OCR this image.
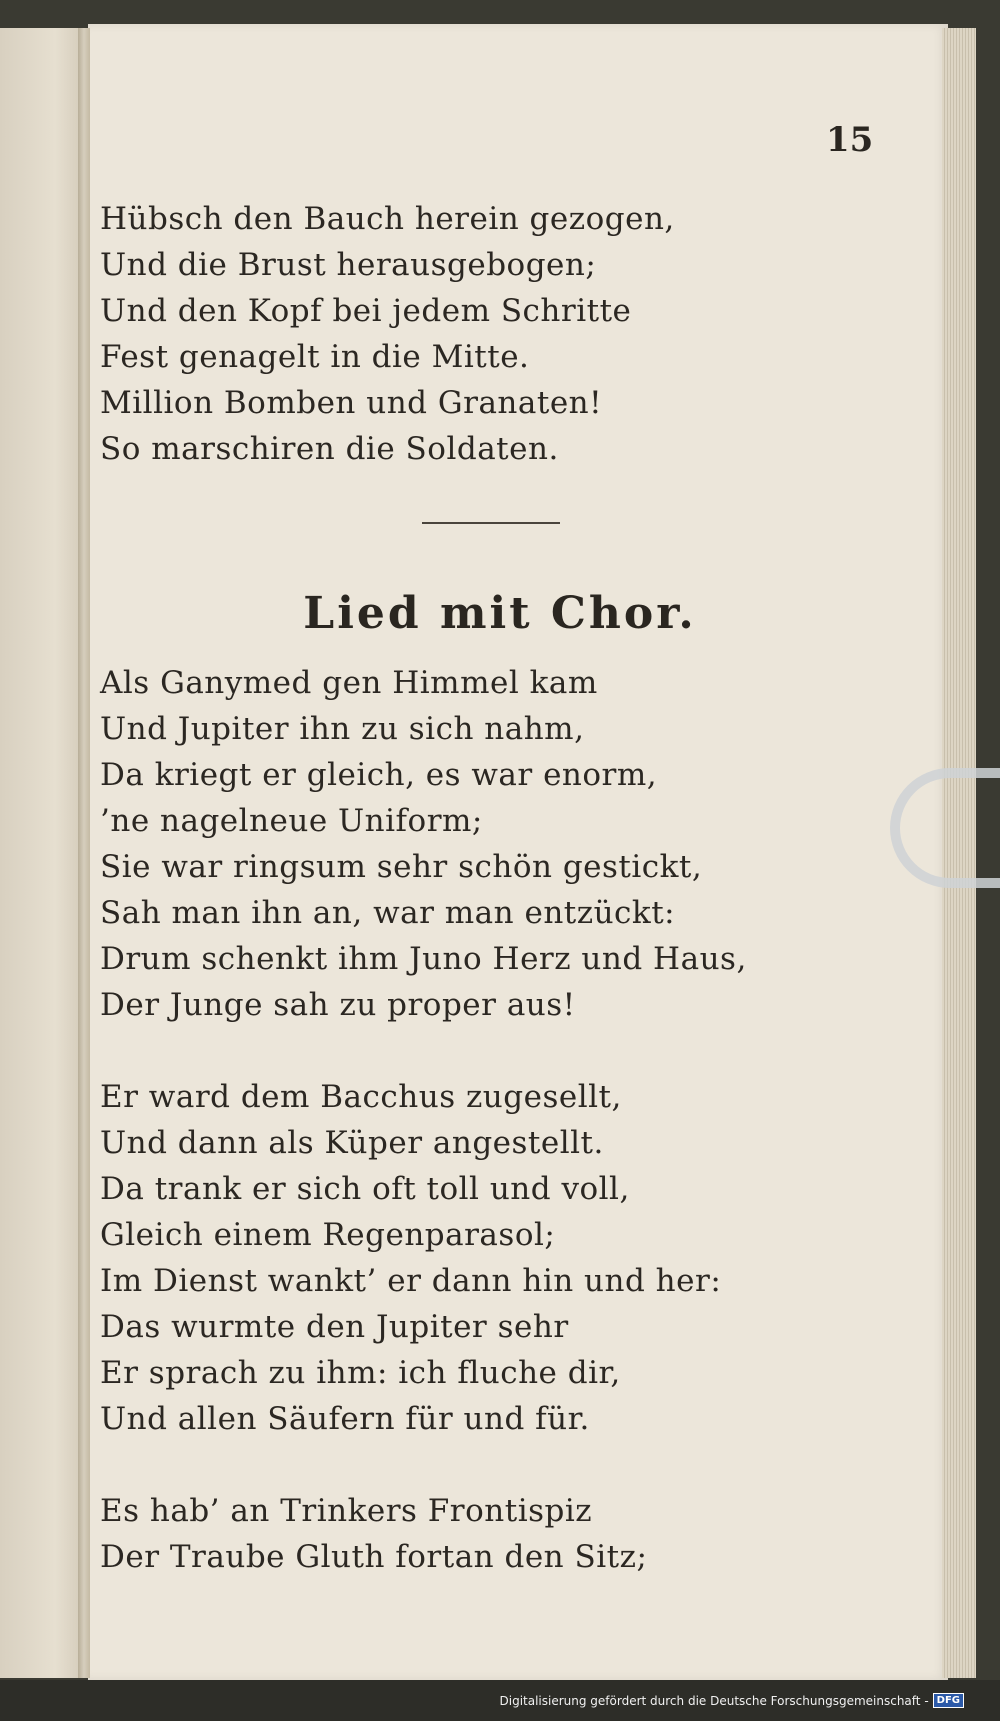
15
Hübsch den Bauch herein gezogen,
Und die Brust herausgebogen;
Und den Kopf bei jedem Schritte
Fest genagelt in die Mitte.
Million Bomben und Granaten!
So marschiren die Soldaten.
Lied mit Chor.
Als Ganymed gen Himmel kam
Und Jupiter ihn zu sich nahm,
Da kriegt er gleich, es war enorm,
’ne nagelneue Uniform;
Sie war ringsum sehr schön gestickt,
Sah man ihn an, war man entzückt:
Drum schenkt ihm Juno Herz und Haus,
Der Junge sah zu proper aus!
Er ward dem Bacchus zugesellt,
Und dann als Küper angestellt.
Da trank er sich oft toll und voll,
Gleich einem Regenparasol;
Im Dienst wankt’ er dann hin und her:
Das wurmte den Jupiter sehr
Er sprach zu ihm: ich fluche dir,
Und allen Säufern für und für.
Es hab’ an Trinkers Frontispiz
Der Traube Gluth fortan den Sitz;
Digitalisierung gefördert durch die Deutsche Forschungsgemeinschaft - DFG
